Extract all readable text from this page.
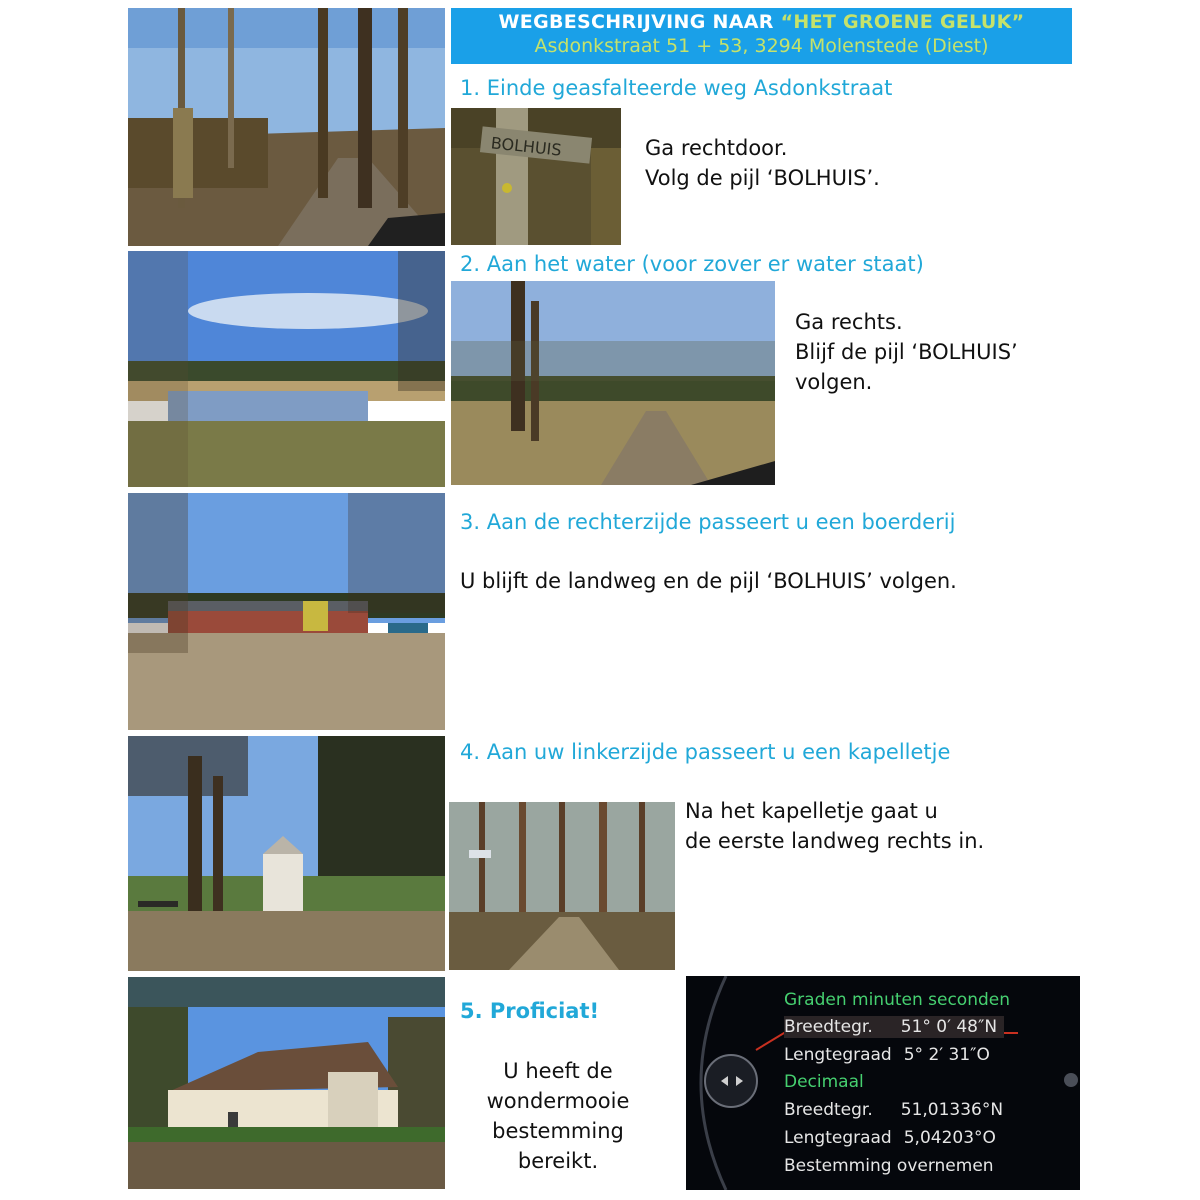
WEGBESCHRIJVING NAAR “HET GROENE GELUK”
Asdonkstraat 51 + 53, 3294 Molenstede (Diest)
1. Einde geasfalteerde weg Asdonkstraat
BOLHUIS	Ga rechtdoor.
Volg de pijl ‘BOLHUIS’.
2. Aan het water (voor zover er water staat)
Ga rechts.
Blijf de pijl ‘BOLHUIS’
volgen.
3. Aan de rechterzijde passeert u een boerderij
U blijft de landweg en de pijl ‘BOLHUIS’ volgen.
4. Aan uw linkerzijde passeert u een kapelletje
Na het kapelletje gaat u
de eerste landweg rechts in.
5. Proficiat!
U heeft de
wondermooie
bestemming
bereikt.
Graden minuten seconden
Breedtegr. 51° 0′ 48″N
Lengtegraad 5° 2′ 31″O
Decimaal
Breedtegr. 51,01336°N
Lengtegraad 5,04203°O
Bestemming overnemen
